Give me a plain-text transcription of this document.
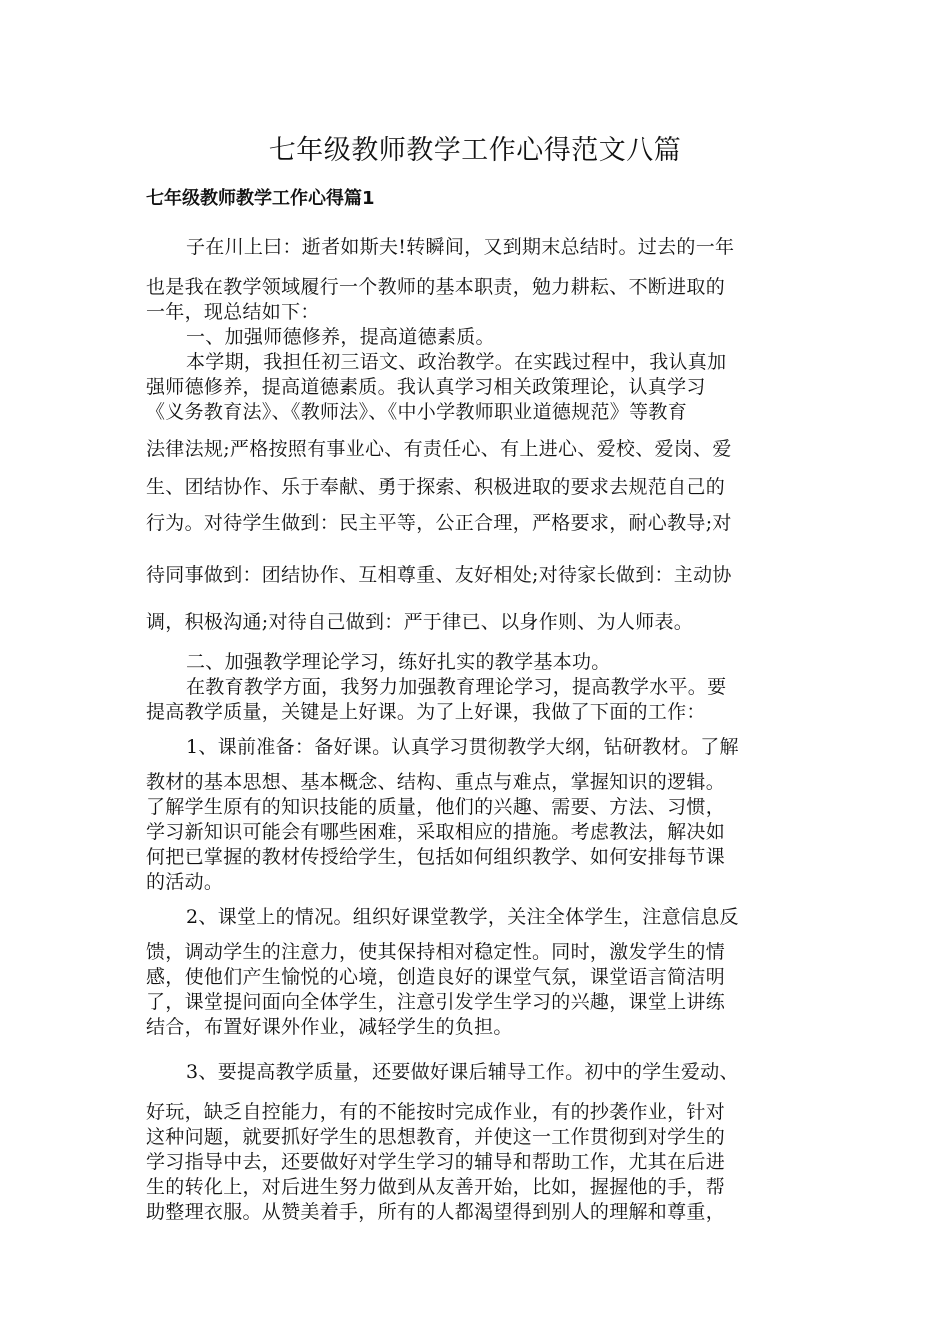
七年级教师教学工作心得范文八篇
七年级教师教学工作心得篇1
子在川上曰：逝者如斯夫!转瞬间，又到期末总结时。过去的一年
也是我在教学领域履行一个教师的基本职责，勉力耕耘、不断进取的
一年，现总结如下：
一、加强师德修养，提高道德素质。
本学期，我担任初三语文、政治教学。在实践过程中，我认真加
强师德修养，提高道德素质。我认真学习相关政策理论，认真学习
《义务教育法》、《教师法》、《中小学教师职业道德规范》等教育
法律法规;严格按照有事业心、有责任心、有上进心、爱校、爱岗、爱
生、团结协作、乐于奉献、勇于探索、积极进取的要求去规范自己的
行为。对待学生做到：民主平等，公正合理，严格要求，耐心教导;对
待同事做到：团结协作、互相尊重、友好相处;对待家长做到：主动协
调，积极沟通;对待自己做到：严于律已、以身作则、为人师表。
二、加强教学理论学习，练好扎实的教学基本功。
在教育教学方面，我努力加强教育理论学习，提高教学水平。要
提高教学质量，关键是上好课。为了上好课，我做了下面的工作：
1、课前准备：备好课。认真学习贯彻教学大纲，钻研教材。了解
教材的基本思想、基本概念、结构、重点与难点，掌握知识的逻辑。
了解学生原有的知识技能的质量，他们的兴趣、需要、方法、习惯，
学习新知识可能会有哪些困难，采取相应的措施。考虑教法，解决如
何把已掌握的教材传授给学生，包括如何组织教学、如何安排每节课
的活动。
2、课堂上的情况。组织好课堂教学，关注全体学生，注意信息反
馈，调动学生的注意力，使其保持相对稳定性。同时，激发学生的情
感，使他们产生愉悦的心境，创造良好的课堂气氛，课堂语言简洁明
了，课堂提问面向全体学生，注意引发学生学习的兴趣，课堂上讲练
结合，布置好课外作业，减轻学生的负担。
3、要提高教学质量，还要做好课后辅导工作。初中的学生爱动、
好玩，缺乏自控能力，有的不能按时完成作业，有的抄袭作业，针对
这种问题，就要抓好学生的思想教育，并使这一工作贯彻到对学生的
学习指导中去，还要做好对学生学习的辅导和帮助工作，尤其在后进
生的转化上，对后进生努力做到从友善开始，比如，握握他的手，帮
助整理衣服。从赞美着手，所有的人都渴望得到别人的理解和尊重，
